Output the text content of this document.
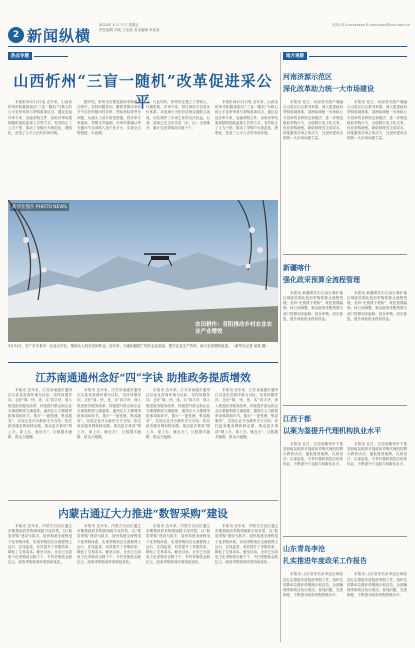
2 新闻纵横
2020年 4 月 3 日 星期五
责任编辑 刘某 王某某 美术编辑 李某某
电话:010-xxxxxxxx E-mail:xxxx@xxx.com.cn
热点专题
山西忻州“三盲一随机”改革促进采公平
本报忻州4月2日电 近年来，山西省忻州市积极探索以“三盲一随机”为核心的公平竞争审查与采购改革试点，通过盲选评审专家、盲编采购文件、盲取评审结果和随机抽取监督人员等方式，有效防止了人为干预，推动了采购行为规范化、透明化，营造了公平公正的市场环境。
据介绍，忻州市在推进政府采购改革过程中，坚持问题导向，聚焦采购评审环节中存在的倾向性评审、围标串标等突出问题，从源头上设计防控措施，将评审专家抽取、采购文件编制、评审结果确认等关键环节全部纳入电子化平台，实现全过程留痕、可追溯。
与此同时，忻州市还建立了采购人、代理机构、评审专家、供应商四方信用评价体系，对违规行为依法依规实施联合惩戒，切实保护了市场主体的合法权益。目前，改革已在全市各县（市、区）全面推开，累计完成采购项目数千个。
本报忻州4月2日电 近年来，山西省忻州市积极探索以“三盲一随机”为核心的公平竞争审查与采购改革试点，通过盲选评审专家、盲编采购文件、盲取评审结果和随机抽取监督人员等方式，有效防止了人为干预，推动了采购行为规范化、透明化，营造了公平公正的市场环境。
新华社图片 PHOTO NEWS
农田耕作：昔阳推动乡村农业农业产业增效
3月31日，在广东中某市一农业合作社，植保无人机在田间作业。近年来，当地积极推广现代农业装备，提升农业生产效率，助力农民增收致富。（新华社记者 某某 摄）
江苏南通通州念好“四”字诀 助推政务提质增效
本报讯 近年来，江苏省南通市通州区以优化营商环境为目标，坚持问题导向，念好“简、快、优、实”四字诀，深入推进政务服务改革，持续提升群众和企业办事便利度与满意度。通州区大力精简审批事项和环节，推行“一窗受理、集成服务”，实现企业开办最快半天办结；依托政务服务网和移动端，推动更多事项“网上办、掌上办、就近办”，让数据多跑路、群众少跑腿。
本报讯 近年来，江苏省南通市通州区以优化营商环境为目标，坚持问题导向，念好“简、快、优、实”四字诀，深入推进政务服务改革，持续提升群众和企业办事便利度与满意度。通州区大力精简审批事项和环节，推行“一窗受理、集成服务”，实现企业开办最快半天办结；依托政务服务网和移动端，推动更多事项“网上办、掌上办、就近办”，让数据多跑路、群众少跑腿。
本报讯 近年来，江苏省南通市通州区以优化营商环境为目标，坚持问题导向，念好“简、快、优、实”四字诀，深入推进政务服务改革，持续提升群众和企业办事便利度与满意度。通州区大力精简审批事项和环节，推行“一窗受理、集成服务”，实现企业开办最快半天办结；依托政务服务网和移动端，推动更多事项“网上办、掌上办、就近办”，让数据多跑路、群众少跑腿。
本报讯 近年来，江苏省南通市通州区以优化营商环境为目标，坚持问题导向，念好“简、快、优、实”四字诀，深入推进政务服务改革，持续提升群众和企业办事便利度与满意度。通州区大力精简审批事项和环节，推行“一窗受理、集成服务”，实现企业开办最快半天办结；依托政务服务网和移动端，推动更多事项“网上办、掌上办、就近办”，让数据多跑路、群众少跑腿。
内蒙古通辽大力推进“数智采购”建设
本报讯 近年来，内蒙古自治区通辽市聚焦政府采购领域数字化转型，以“数智采购”建设为抓手，加快构建全流程电子化采购体系，实现采购项目全流程网上运行、在线监管，有效提升了采购效率，降低了交易成本。截至目前，全市已完成电子化采购项目数千个，节约采购资金数亿元，政府采购营商环境持续优化。
本报讯 近年来，内蒙古自治区通辽市聚焦政府采购领域数字化转型，以“数智采购”建设为抓手，加快构建全流程电子化采购体系，实现采购项目全流程网上运行、在线监管，有效提升了采购效率，降低了交易成本。截至目前，全市已完成电子化采购项目数千个，节约采购资金数亿元，政府采购营商环境持续优化。
本报讯 近年来，内蒙古自治区通辽市聚焦政府采购领域数字化转型，以“数智采购”建设为抓手，加快构建全流程电子化采购体系，实现采购项目全流程网上运行、在线监管，有效提升了采购效率，降低了交易成本。截至目前，全市已完成电子化采购项目数千个，节约采购资金数亿元，政府采购营商环境持续优化。
本报讯 近年来，内蒙古自治区通辽市聚焦政府采购领域数字化转型，以“数智采购”建设为抓手，加快构建全流程电子化采购体系，实现采购项目全流程网上运行、在线监管，有效提升了采购效率，降低了交易成本。截至目前，全市已完成电子化采购项目数千个，节约采购资金数亿元，政府采购营商环境持续优化。
地方观察
河南济源示范区
深化改革助力统一大市场建设
本报讯 近日，河南省济源产城融合示范区出台系列举措，深入推进政府采购领域改革，清理妨碍统一市场和公平竞争的各种规定和做法，进一步规范政府采购行为，全面推行电子化交易，优化采购流程，降低制度性交易成本，持续激发市场主体活力，为加快建设全国统一大市场贡献力量。
本报讯 近日，河南省济源产城融合示范区出台系列举措，深入推进政府采购领域改革，清理妨碍统一市场和公平竞争的各种规定和做法，进一步规范政府采购行为，全面推行电子化交易，优化采购流程，降低制度性交易成本，持续激发市场主体活力，为加快建设全国统一大市场贡献力量。
新疆喀什
强化政采预算全流程管理
本报讯 新疆维吾尔自治区喀什地区财政局强化政府采购预算全流程管理，坚持“无预算不采购”，规范预算编制、执行和调整，推动政府采购预算与部门预算同步编制、同步审核、同步批复，提升财政资金使用效益。
本报讯 新疆维吾尔自治区喀什地区财政局强化政府采购预算全流程管理，坚持“无预算不采购”，规范预算编制、执行和调整，推动政府采购预算与部门预算同步编制、同步审核、同步批复，提升财政资金使用效益。
江西于都
以案为鉴提升代理机构执业水平
本报讯 近日，江西省赣州市于都县财政局组织开展政府采购代理机构警示教育活动，通报典型案例，以案说法、以案促改，引导代理机构依法依规执业，不断提升专业能力和服务水平。
本报讯 近日，江西省赣州市于都县财政局组织开展政府采购代理机构警示教育活动，通报典型案例，以案说法、以案促改，引导代理机构依法依规执业，不断提升专业能力和服务水平。
山东青岛李沧
扎实推进年度政采工作报告
本报讯 山东省青岛市李沧区财政局扎实推进年度政府采购工作，组织各预算单位做好采购统计和总结，全面梳理采购项目执行情况，查找问题、完善制度，不断提升政府采购管理水平。
本报讯 山东省青岛市李沧区财政局扎实推进年度政府采购工作，组织各预算单位做好采购统计和总结，全面梳理采购项目执行情况，查找问题、完善制度，不断提升政府采购管理水平。
